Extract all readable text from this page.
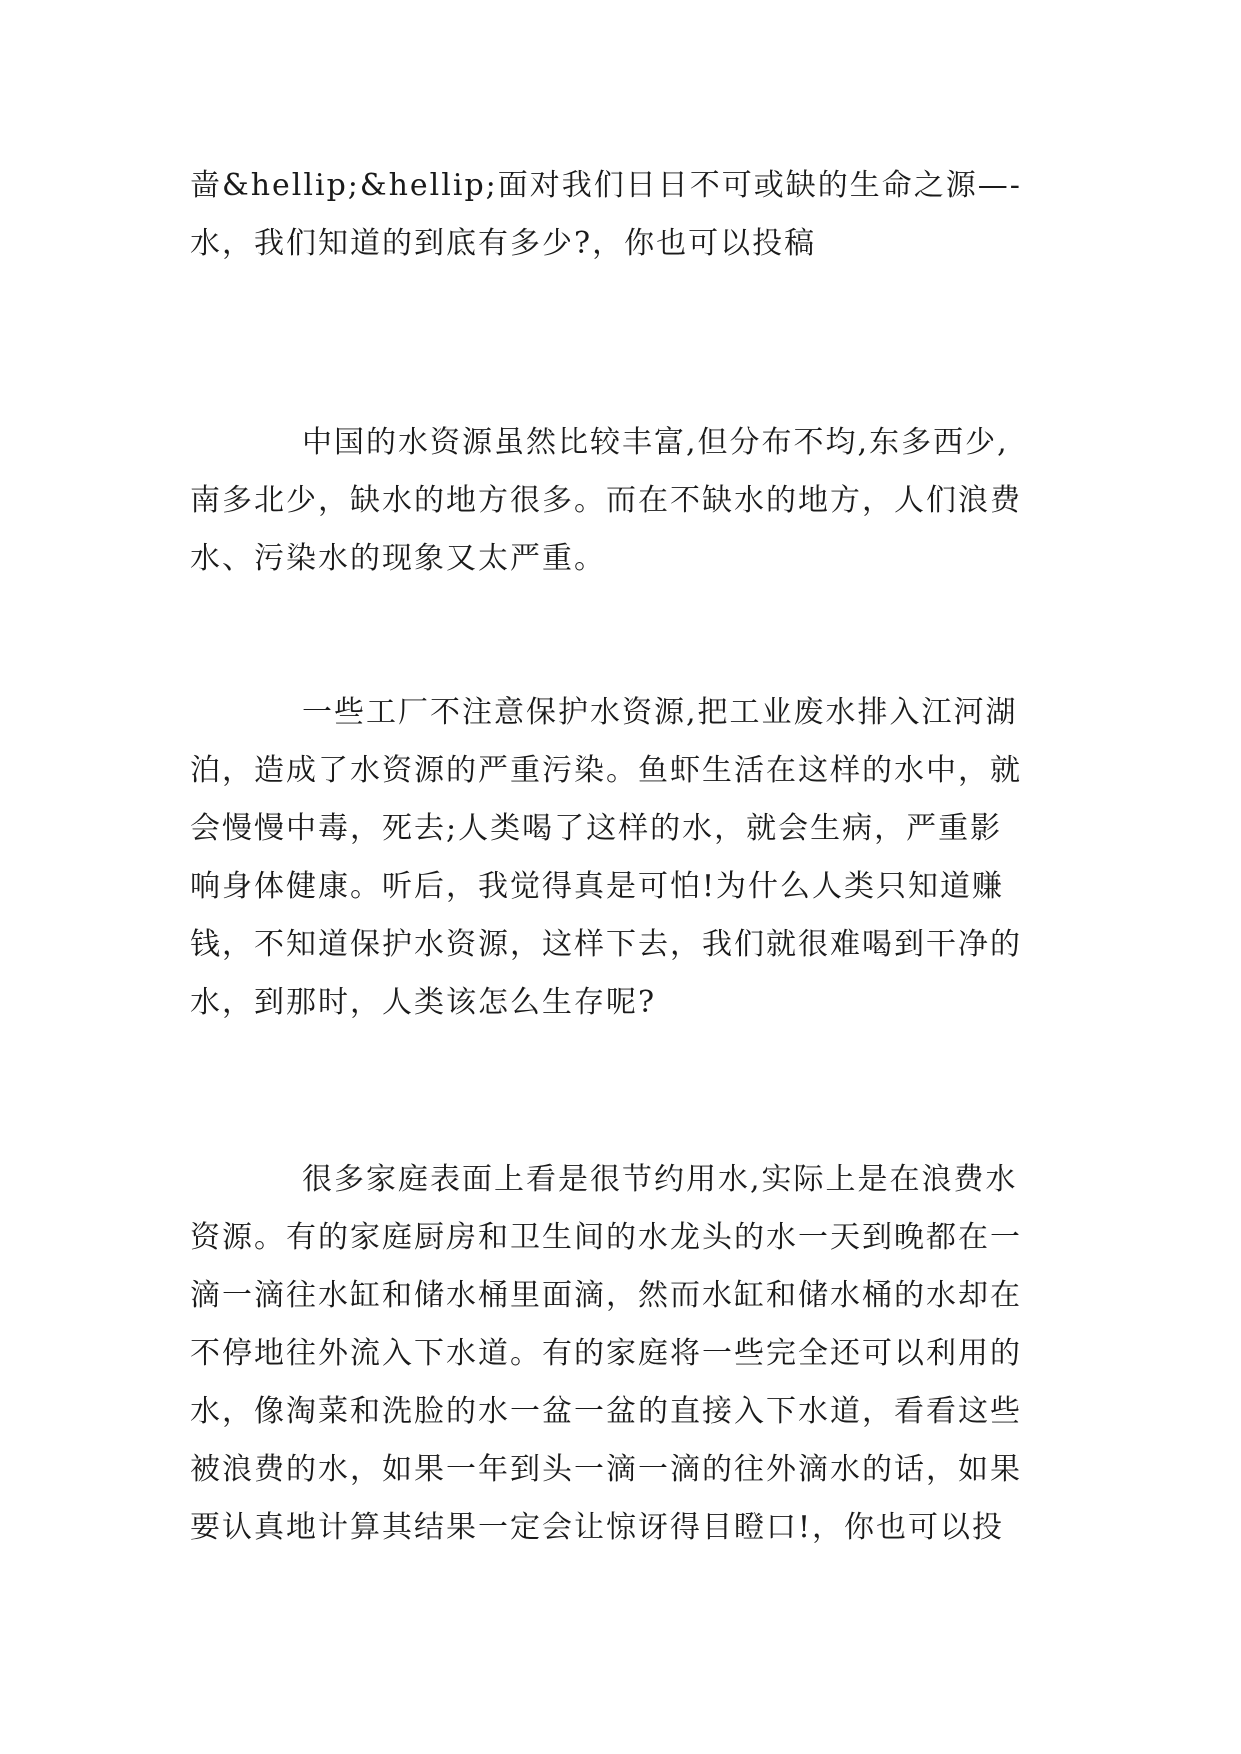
啬&hellip;&hellip;面对我们日日不可或缺的生命之源—-
水，我们知道的到底有多少?，你也可以投稿
中国的水资源虽然比较丰富,但分布不均,东多西少,
南多北少，缺水的地方很多。而在不缺水的地方，人们浪费
水、污染水的现象又太严重。
一些工厂不注意保护水资源,把工业废水排入江河湖
泊，造成了水资源的严重污染。鱼虾生活在这样的水中，就
会慢慢中毒，死去;人类喝了这样的水，就会生病，严重影
响身体健康。听后，我觉得真是可怕!为什么人类只知道赚
钱，不知道保护水资源，这样下去，我们就很难喝到干净的
水，到那时，人类该怎么生存呢?
很多家庭表面上看是很节约用水,实际上是在浪费水
资源。有的家庭厨房和卫生间的水龙头的水一天到晚都在一
滴一滴往水缸和储水桶里面滴，然而水缸和储水桶的水却在
不停地往外流入下水道。有的家庭将一些完全还可以利用的
水，像淘菜和洗脸的水一盆一盆的直接入下水道，看看这些
被浪费的水，如果一年到头一滴一滴的往外滴水的话，如果
要认真地计算其结果一定会让惊讶得目瞪口!，你也可以投
